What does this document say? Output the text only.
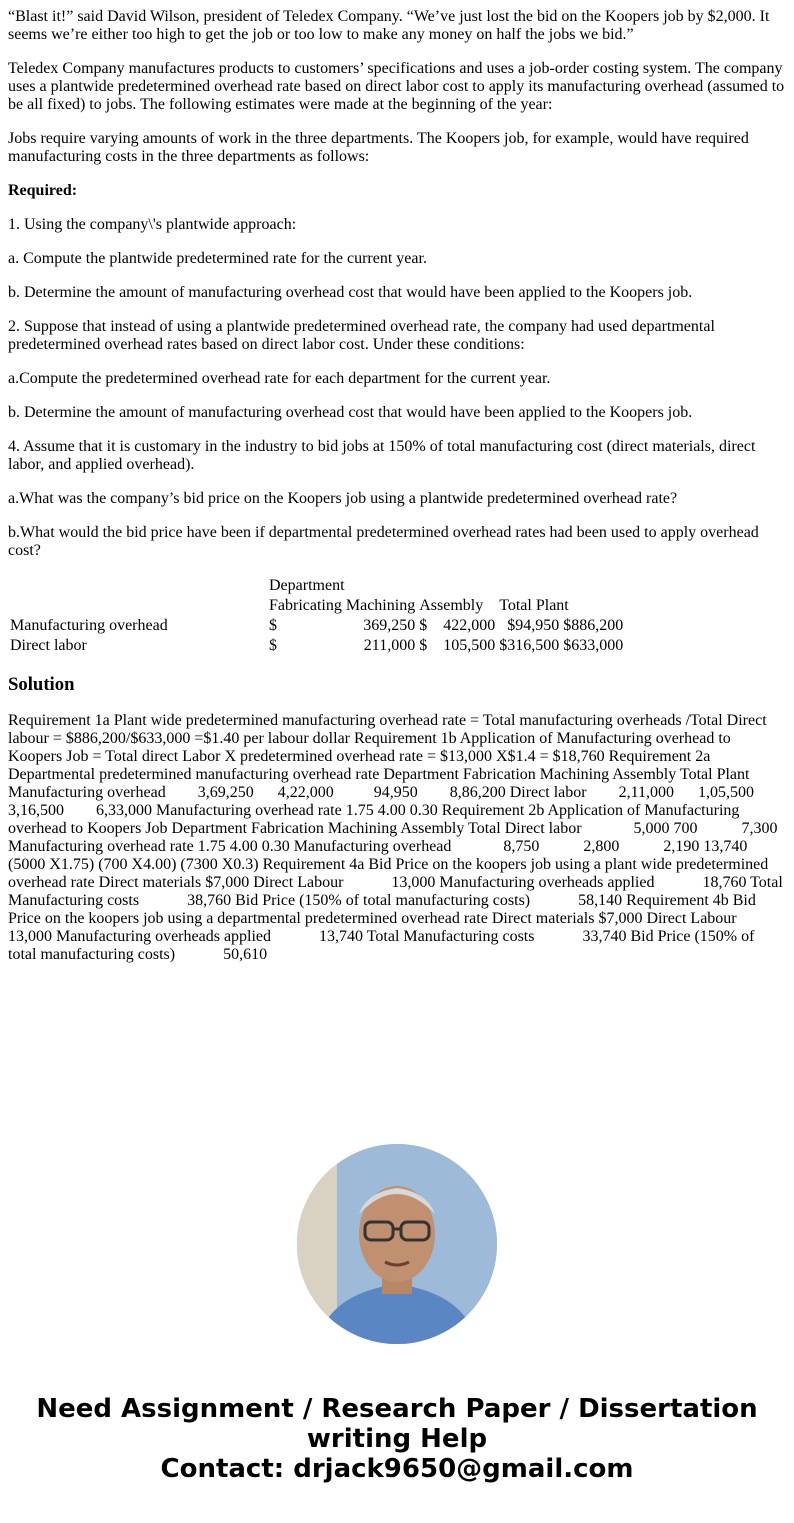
“Blast it!” said David Wilson, president of Teledex Company. “We’ve just lost the bid on the Koopers job by $2,000. It seems we’re either too high to get the job or too low to make any money on half the jobs we bid.”

Teledex Company manufactures products to customers’ specifications and uses a job-order costing system. The company uses a plantwide predetermined overhead rate based on direct labor cost to apply its manufacturing overhead (assumed to be all fixed) to jobs. The following estimates were made at the beginning of the year:

Jobs require varying amounts of work in the three departments. The Koopers job, for example, would have required manufacturing costs in the three departments as follows:

Required:

1. Using the company\'s plantwide approach:

a. Compute the plantwide predetermined rate for the current year.

b. Determine the amount of manufacturing overhead cost that would have been applied to the Koopers job.

2. Suppose that instead of using a plantwide predetermined overhead rate, the company had used departmental predetermined overhead rates based on direct labor cost. Under these conditions:

a.Compute the predetermined overhead rate for each department for the current year.

b. Determine the amount of manufacturing overhead cost that would have been applied to the Koopers job.

4. Assume that it is customary in the industry to bid jobs at 150% of total manufacturing cost (direct materials, direct labor, and applied overhead).

a.What was the company’s bid price on the Koopers job using a plantwide predetermined overhead rate?

b.What would the bid price have been if departmental predetermined overhead rates had been used to apply overhead cost?

	Department				
	Fabricating	Machining	Assembly	Total Plant	
Manufacturing overhead	$	369,250	$ 422,000	$94,950	$886,200
Direct labor	$	211,000	$ 105,500	$316,500	$633,000
Solution

Requirement 1a Plant wide predetermined manufacturing overhead rate = Total manufacturing overheads /Total Direct labour = $886,200/$633,000 =$1.40 per labour dollar Requirement 1b Application of Manufacturing overhead to Koopers Job = Total direct Labor X predetermined overhead rate = $13,000 X$1.4 = $18,760 Requirement 2a Departmental predetermined manufacturing overhead rate Department Fabrication Machining Assembly Total Plant Manufacturing overhead        3,69,250      4,22,000          94,950        8,86,200 Direct labor        2,11,000      1,05,500 3,16,500        6,33,000 Manufacturing overhead rate 1.75 4.00 0.30 Requirement 2b Application of Manufacturing overhead to Koopers Job Department Fabrication Machining Assembly Total Direct labor             5,000 700           7,300 Manufacturing overhead rate 1.75 4.00 0.30 Manufacturing overhead             8,750           2,800           2,190 13,740 (5000 X1.75) (700 X4.00) (7300 X0.3) Requirement 4a Bid Price on the koopers job using a plant wide predetermined overhead rate Direct materials $7,000 Direct Labour            13,000 Manufacturing overheads applied            18,760 Total Manufacturing costs            38,760 Bid Price (150% of total manufacturing costs)            58,140 Requirement 4b Bid Price on the koopers job using a departmental predetermined overhead rate Direct materials $7,000 Direct Labour            13,000 Manufacturing overheads applied            13,740 Total Manufacturing costs            33,740 Bid Price (150% of total manufacturing costs)            50,610

Need Assignment / Research Paper / Dissertation writing Help
Contact: drjack9650@gmail.com
